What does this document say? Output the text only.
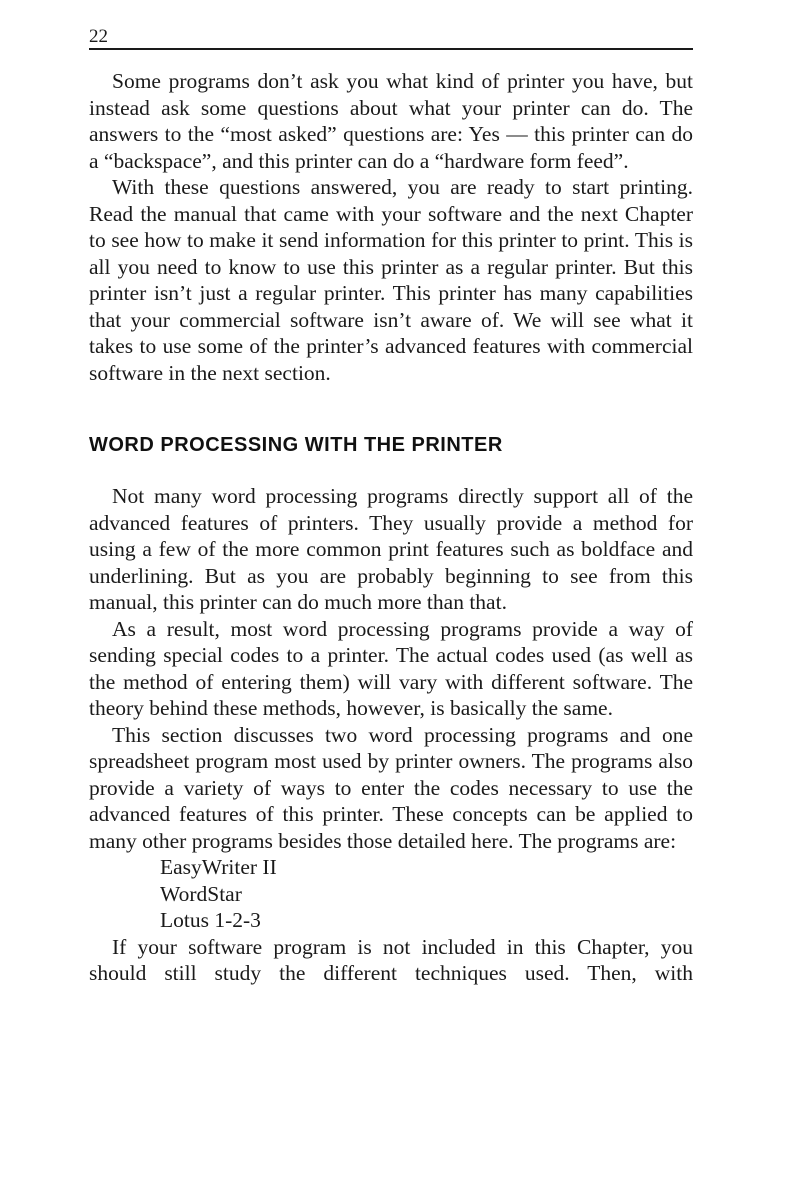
22

Some programs don’t ask you what kind of printer you have, but instead ask some questions about what your printer can do. The answers to the “most asked” questions are: Yes — this printer can do a “backspace”, and this printer can do a “hardware form feed”.

With these questions answered, you are ready to start printing. Read the manual that came with your software and the next Chapter to see how to make it send information for this printer to print. This is all you need to know to use this printer as a regular printer. But this printer isn’t just a regular printer. This printer has many capabilities that your commercial software isn’t aware of. We will see what it takes to use some of the printer’s advanced features with commercial software in the next section.

WORD PROCESSING WITH THE PRINTER

Not many word processing programs directly support all of the advanced features of printers. They usually provide a method for using a few of the more common print features such as boldface and underlining. But as you are probably beginning to see from this manual, this printer can do much more than that.

As a result, most word processing programs provide a way of sending special codes to a printer. The actual codes used (as well as the method of entering them) will vary with different software. The theory behind these methods, however, is basically the same.

This section discusses two word processing programs and one spreadsheet program most used by printer owners. The programs also provide a variety of ways to enter the codes necessary to use the advanced features of this printer. These concepts can be applied to many other programs besides those detailed here. The programs are:

EasyWriter II
WordStar
Lotus 1-2-3

If your software program is not included in this Chapter, you should still study the different techniques used. Then, with
